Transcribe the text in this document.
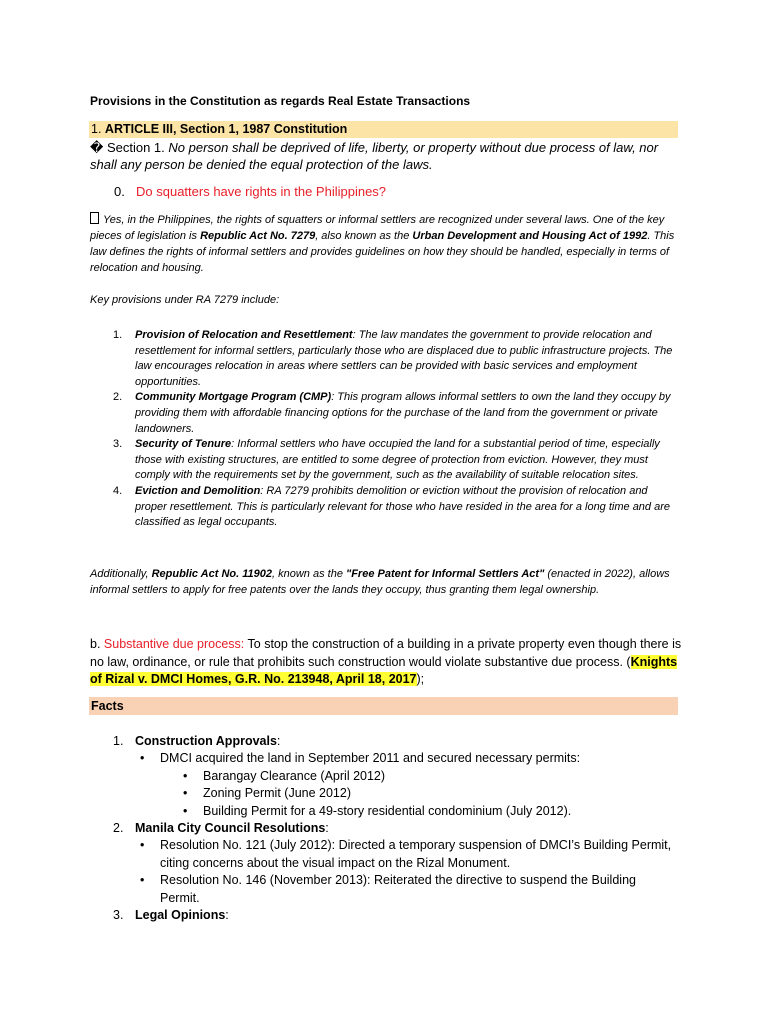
Provisions in the Constitution as regards Real Estate Transactions
1. ARTICLE III, Section 1, 1987 Constitution
� Section 1. No person shall be deprived of life, liberty, or property without due process of law, nor shall any person be denied the equal protection of the laws.
0. Do squatters have rights in the Philippines?
Yes, in the Philippines, the rights of squatters or informal settlers are recognized under several laws. One of the key pieces of legislation is Republic Act No. 7279, also known as the Urban Development and Housing Act of 1992. This law defines the rights of informal settlers and provides guidelines on how they should be handled, especially in terms of relocation and housing.
Key provisions under RA 7279 include:
1. Provision of Relocation and Resettlement: The law mandates the government to provide relocation and resettlement for informal settlers, particularly those who are displaced due to public infrastructure projects. The law encourages relocation in areas where settlers can be provided with basic services and employment opportunities.
2. Community Mortgage Program (CMP): This program allows informal settlers to own the land they occupy by providing them with affordable financing options for the purchase of the land from the government or private landowners.
3. Security of Tenure: Informal settlers who have occupied the land for a substantial period of time, especially those with existing structures, are entitled to some degree of protection from eviction. However, they must comply with the requirements set by the government, such as the availability of suitable relocation sites.
4. Eviction and Demolition: RA 7279 prohibits demolition or eviction without the provision of relocation and proper resettlement. This is particularly relevant for those who have resided in the area for a long time and are classified as legal occupants.
Additionally, Republic Act No. 11902, known as the "Free Patent for Informal Settlers Act" (enacted in 2022), allows informal settlers to apply for free patents over the lands they occupy, thus granting them legal ownership.
b. Substantive due process: To stop the construction of a building in a private property even though there is no law, ordinance, or rule that prohibits such construction would violate substantive due process. (Knights of Rizal v. DMCI Homes, G.R. No. 213948, April 18, 2017);
Facts
1. Construction Approvals:
• DMCI acquired the land in September 2011 and secured necessary permits:
• Barangay Clearance (April 2012)
• Zoning Permit (June 2012)
• Building Permit for a 49-story residential condominium (July 2012).
2. Manila City Council Resolutions:
• Resolution No. 121 (July 2012): Directed a temporary suspension of DMCI’s Building Permit, citing concerns about the visual impact on the Rizal Monument.
• Resolution No. 146 (November 2013): Reiterated the directive to suspend the Building Permit.
3. Legal Opinions:
